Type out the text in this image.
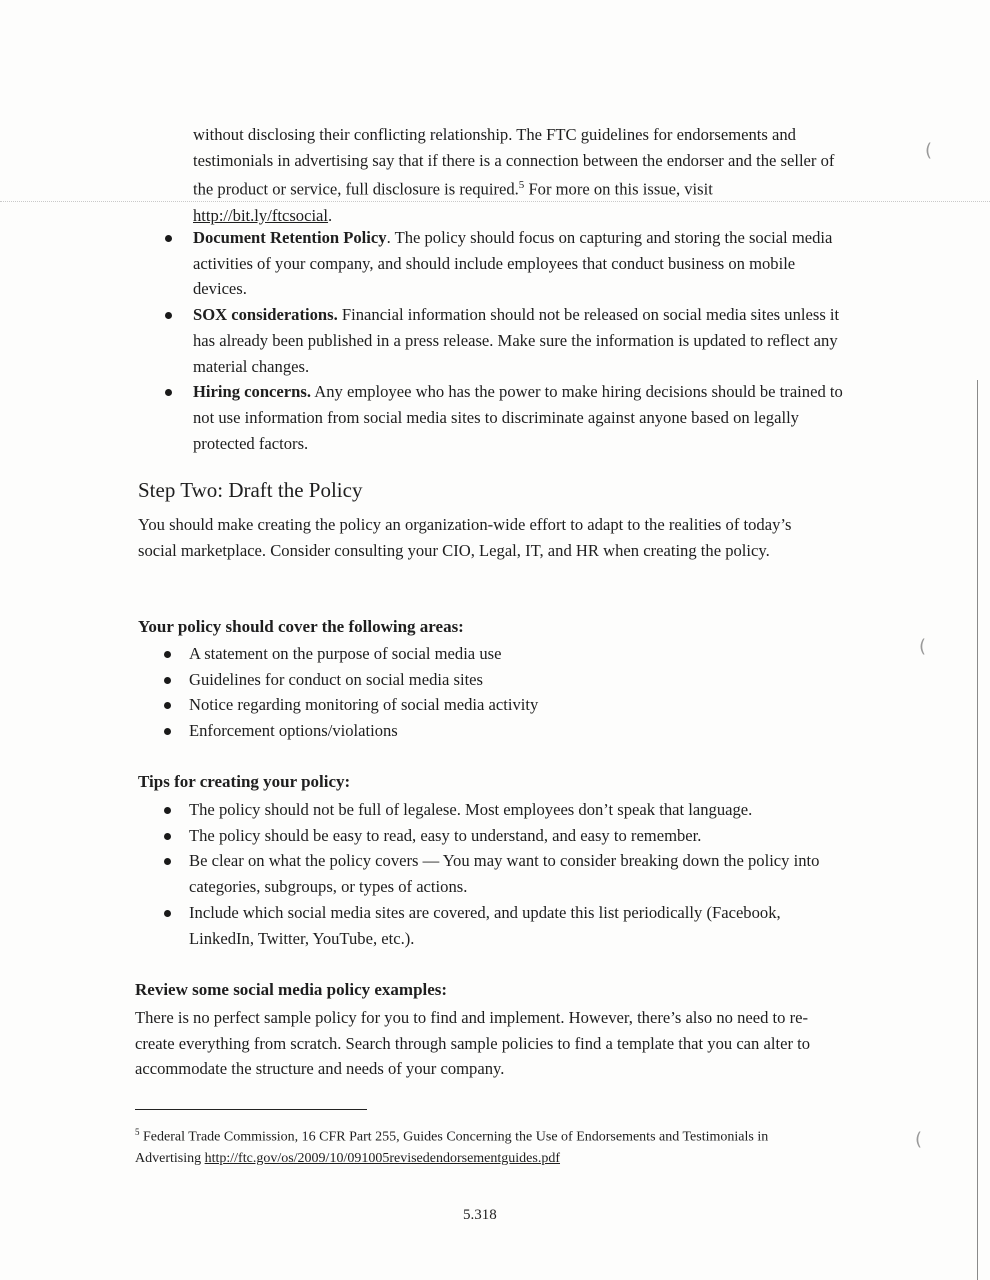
(
(
(

without disclosing their conflicting relationship. The FTC guidelines for endorsements and testimonials in advertising say that if there is a connection between the endorser and the seller of the product or service, full disclosure is required.$^5$ For more on this issue, visit http://bit.ly/ftcsocial.

Document Retention Policy. The policy should focus on capturing and storing the social media activities of your company, and should include employees that conduct business on mobile devices.
SOX considerations. Financial information should not be released on social media sites unless it has already been published in a press release. Make sure the information is updated to reflect any material changes.
Hiring concerns. Any employee who has the power to make hiring decisions should be trained to not use information from social media sites to discriminate against anyone based on legally protected factors.
Step Two: Draft the Policy

You should make creating the policy an organization-wide effort to adapt to the realities of today’s social marketplace. Consider consulting your CIO, Legal, IT, and HR when creating the policy.

Your policy should cover the following areas:
A statement on the purpose of social media use
Guidelines for conduct on social media sites
Notice regarding monitoring of social media activity
Enforcement options/violations
Tips for creating your policy:
The policy should not be full of legalese. Most employees don’t speak that language.
The policy should be easy to read, easy to understand, and easy to remember.
Be clear on what the policy covers — You may want to consider breaking down the policy into categories, subgroups, or types of actions.
Include which social media sites are covered, and update this list periodically (Facebook, LinkedIn, Twitter, YouTube, etc.).
Review some social media policy examples:

There is no perfect sample policy for you to find and implement. However, there’s also no need to re-create everything from scratch. Search through sample policies to find a template that you can alter to accommodate the structure and needs of your company.

$^5$ Federal Trade Commission, 16 CFR Part 255, Guides Concerning the Use of Endorsements and Testimonials in Advertising http://ftc.gov/os/2009/10/091005revisedendorsementguides.pdf
5.318
